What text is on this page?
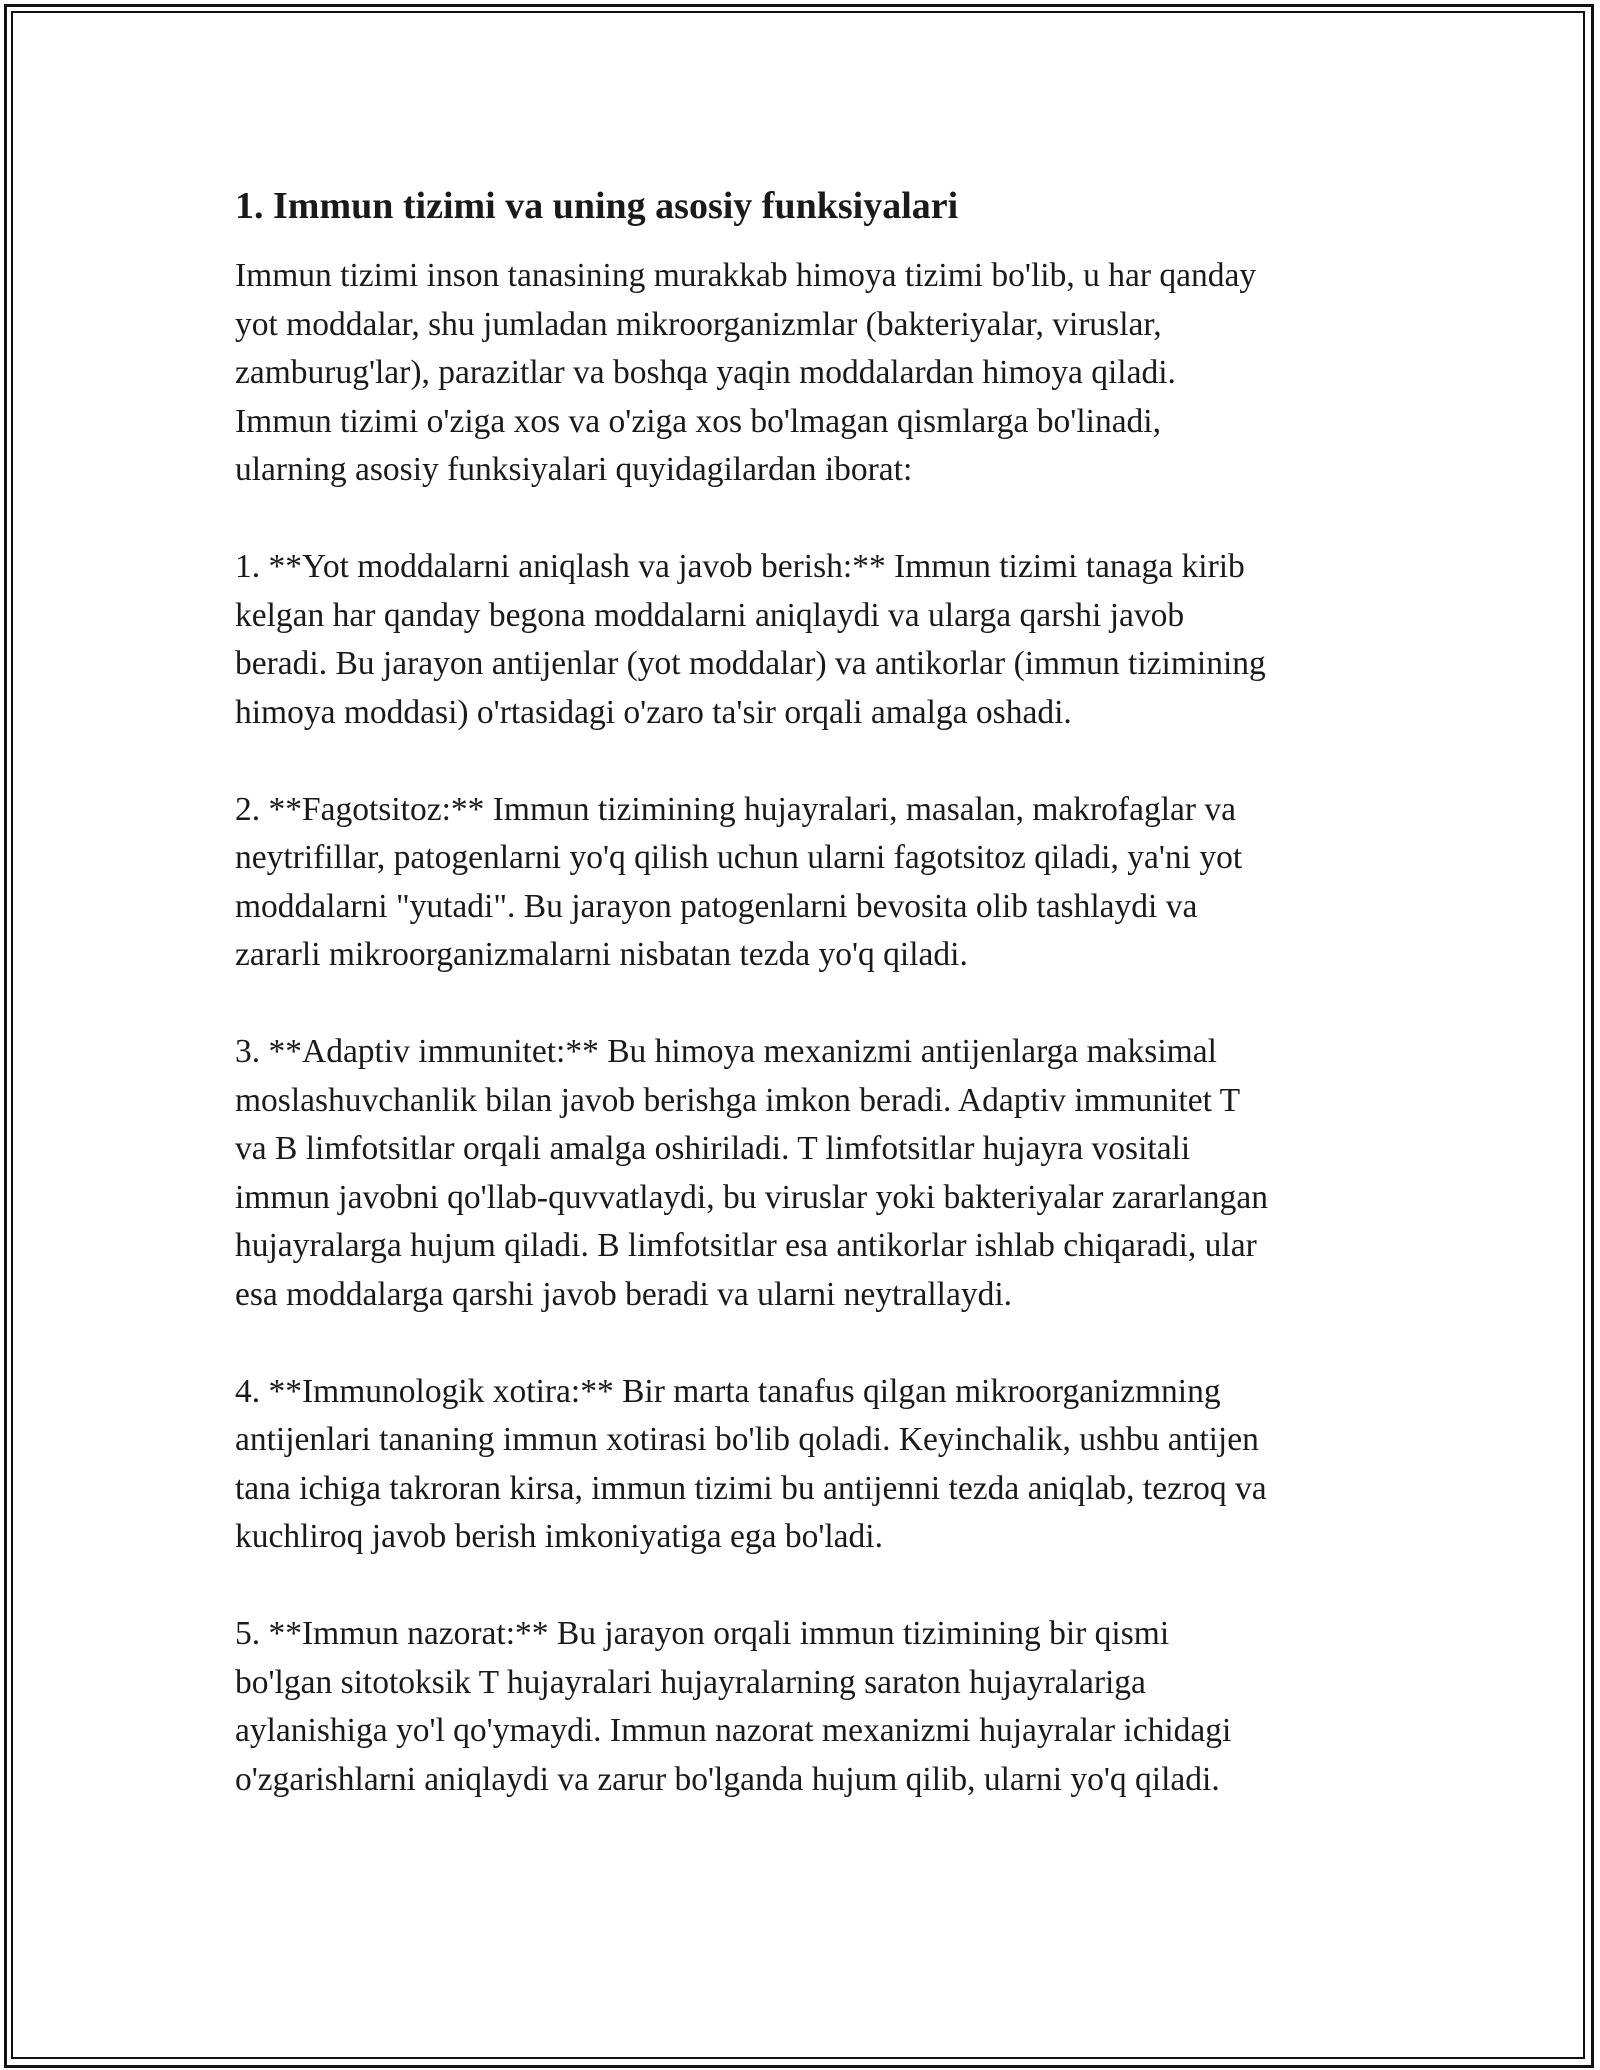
1. Immun tizimi va uning asosiy funksiyalari

Immun tizimi inson tanasining murakkab himoya tizimi bo'lib, u har qanday
yot moddalar, shu jumladan mikroorganizmlar (bakteriyalar, viruslar,
zamburug'lar), parazitlar va boshqa yaqin moddalardan himoya qiladi.
Immun tizimi o'ziga xos va o'ziga xos bo'lmagan qismlarga bo'linadi,
ularning asosiy funksiyalari quyidagilardan iborat:

1. **Yot moddalarni aniqlash va javob berish:** Immun tizimi tanaga kirib
kelgan har qanday begona moddalarni aniqlaydi va ularga qarshi javob
beradi. Bu jarayon antijenlar (yot moddalar) va antikorlar (immun tizimining
himoya moddasi) o'rtasidagi o'zaro ta'sir orqali amalga oshadi.

2. **Fagotsitoz:** Immun tizimining hujayralari, masalan, makrofaglar va
neytrifillar, patogenlarni yo'q qilish uchun ularni fagotsitoz qiladi, ya'ni yot
moddalarni "yutadi". Bu jarayon patogenlarni bevosita olib tashlaydi va
zararli mikroorganizmalarni nisbatan tezda yo'q qiladi.

3. **Adaptiv immunitet:** Bu himoya mexanizmi antijenlarga maksimal
moslashuvchanlik bilan javob berishga imkon beradi. Adaptiv immunitet T
va B limfotsitlar orqali amalga oshiriladi. T limfotsitlar hujayra vositali
immun javobni qo'llab-quvvatlaydi, bu viruslar yoki bakteriyalar zararlangan
hujayralarga hujum qiladi. B limfotsitlar esa antikorlar ishlab chiqaradi, ular
esa moddalarga qarshi javob beradi va ularni neytrallaydi.

4. **Immunologik xotira:** Bir marta tanafus qilgan mikroorganizmning
antijenlari tananing immun xotirasi bo'lib qoladi. Keyinchalik, ushbu antijen
tana ichiga takroran kirsa, immun tizimi bu antijenni tezda aniqlab, tezroq va
kuchliroq javob berish imkoniyatiga ega bo'ladi.

5. **Immun nazorat:** Bu jarayon orqali immun tizimining bir qismi
bo'lgan sitotoksik T hujayralari hujayralarning saraton hujayralariga
aylanishiga yo'l qo'ymaydi. Immun nazorat mexanizmi hujayralar ichidagi
o'zgarishlarni aniqlaydi va zarur bo'lganda hujum qilib, ularni yo'q qiladi.
